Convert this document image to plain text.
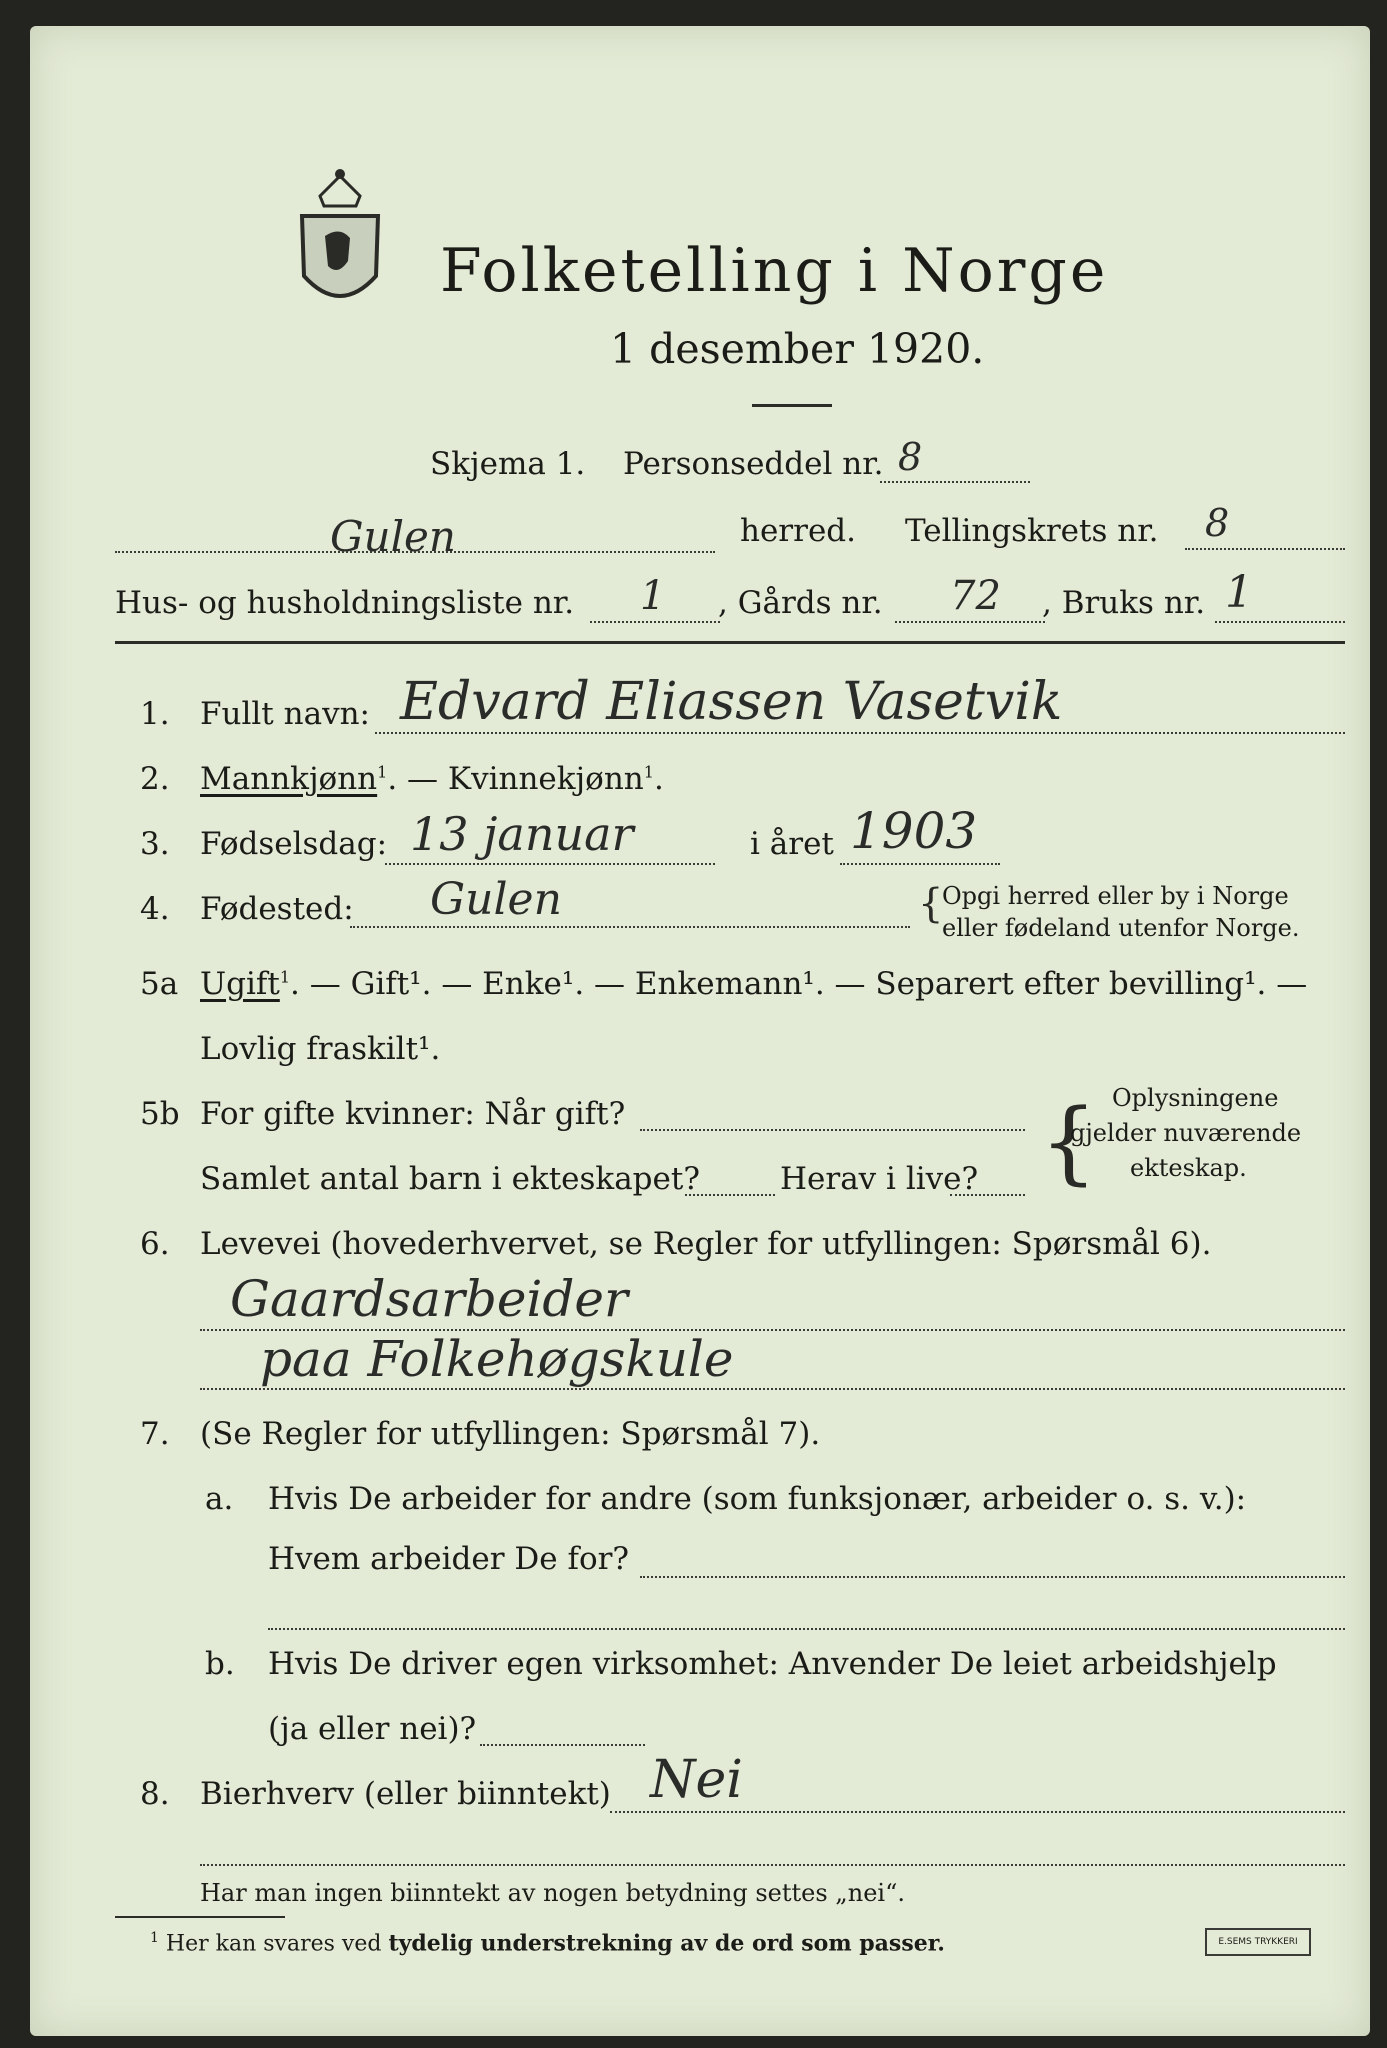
Folketelling i Norge
1 desember 1920.
Skjema 1. Personseddel nr. 8
Gulen	herred. Tellingskrets nr. 8
Hus- og husholdningsliste nr. 1 , Gårds nr. 72 , Bruks nr. 1
1. Fullt navn: Edvard Eliassen Vasetvik
2. Mannkjønn$^1$. — Kvinnekjønn$^1$.
3. Fødselsdag: 13 januar	i året 1903
4. Fødested: Gulen	{
Opgi herred eller by i Norge
eller fødeland utenfor Norge.
5a Ugift$^1$. — Gift¹. — Enke¹. — Enkemann¹. — Separert efter bevilling¹. —
Lovlig fraskilt¹.
5b For gifte kvinner: Når gift?
Samlet antal barn i ekteskapet?	Herav i live? { Oplysningene
gjelder nuværende
ekteskap.
6. Levevei (hovederhvervet, se Regler for utfyllingen: Spørsmål 6).
Gaardsarbeider
paa Folkehøgskule
7. (Se Regler for utfyllingen: Spørsmål 7).
a. Hvis De arbeider for andre (som funksjonær, arbeider o. s. v.):
Hvem arbeider De for?
b. Hvis De driver egen virksomhet: Anvender De leiet arbeidshjelp
(ja eller nei)?
8. Bierhverv (eller biinntekt) Nei
Har man ingen biinntekt av nogen betydning settes „nei“.
$^1$ Her kan svares ved tydelig understrekning av de ord som passer.	E.SEMS TRYKKERI
